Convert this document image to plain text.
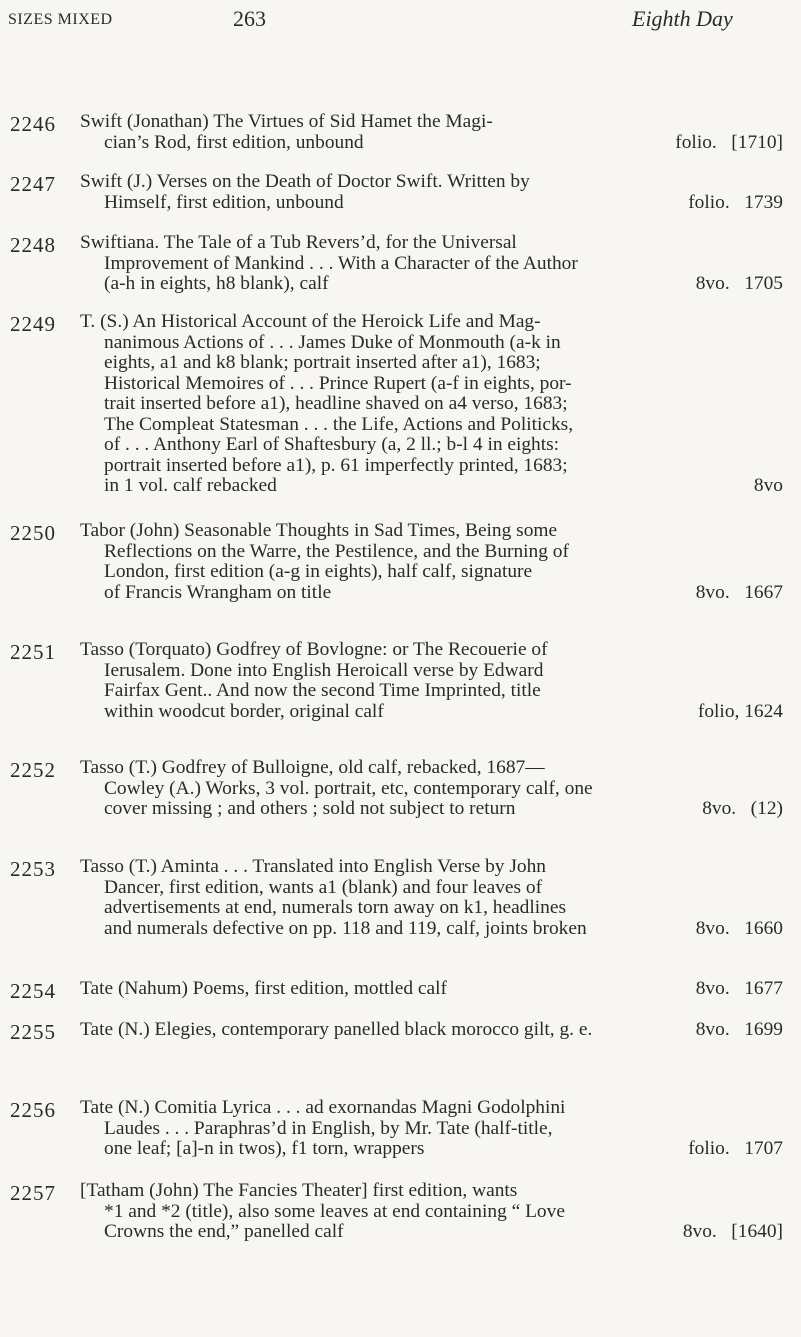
SIZES MIXED	263	Eighth Day
2246 Swift (Jonathan) The Virtues of Sid Hamet the Magi-
cian’s Rod, first edition, unbound	folio.   [1710]
2247 Swift (J.) Verses on the Death of Doctor Swift. Written by
Himself, first edition, unbound	folio.   1739
2248 Swiftiana. The Tale of a Tub Revers’d, for the Universal
Improvement of Mankind . . . With a Character of the Author
(a-h in eights, h8 blank), calf	8vo.   1705
2249 T. (S.) An Historical Account of the Heroick Life and Mag-
nanimous Actions of . . . James Duke of Monmouth (a-k in
eights, a1 and k8 blank; portrait inserted after a1), 1683;
Historical Memoires of . . . Prince Rupert (a-f in eights, por-
trait inserted before a1), headline shaved on a4 verso, 1683;
The Compleat Statesman . . . the Life, Actions and Politicks,
of . . . Anthony Earl of Shaftesbury (a, 2 ll.; b-l 4 in eights:
portrait inserted before a1), p. 61 imperfectly printed, 1683;
in 1 vol. calf rebacked	8vo
2250 Tabor (John) Seasonable Thoughts in Sad Times, Being some
Reflections on the Warre, the Pestilence, and the Burning of
London, first edition (a-g in eights), half calf, signature
of Francis Wrangham on title	8vo.   1667
2251 Tasso (Torquato) Godfrey of Bovlogne: or The Recouerie of
Ierusalem. Done into English Heroicall verse by Edward
Fairfax Gent.. And now the second Time Imprinted, title
within woodcut border, original calf	folio, 1624
2252 Tasso (T.) Godfrey of Bulloigne, old calf, rebacked, 1687—
Cowley (A.) Works, 3 vol. portrait, etc, contemporary calf, one
cover missing ; and others ; sold not subject to return	8vo.   (12)
2253 Tasso (T.) Aminta . . . Translated into English Verse by John
Dancer, first edition, wants a1 (blank) and four leaves of
advertisements at end, numerals torn away on k1, headlines
and numerals defective on pp. 118 and 119, calf, joints broken	8vo.   1660
2254 Tate (Nahum) Poems, first edition, mottled calf	8vo.   1677
2255 Tate (N.) Elegies, contemporary panelled black morocco gilt, g. e.	8vo.   1699
2256 Tate (N.) Comitia Lyrica . . . ad exornandas Magni Godolphini
Laudes . . . Paraphras’d in English, by Mr. Tate (half-title,
one leaf; [a]-n in twos), f1 torn, wrappers	folio.   1707
2257 [Tatham (John) The Fancies Theater] first edition, wants
*1 and *2 (title), also some leaves at end containing “ Love
Crowns the end,” panelled calf	8vo.   [1640]
